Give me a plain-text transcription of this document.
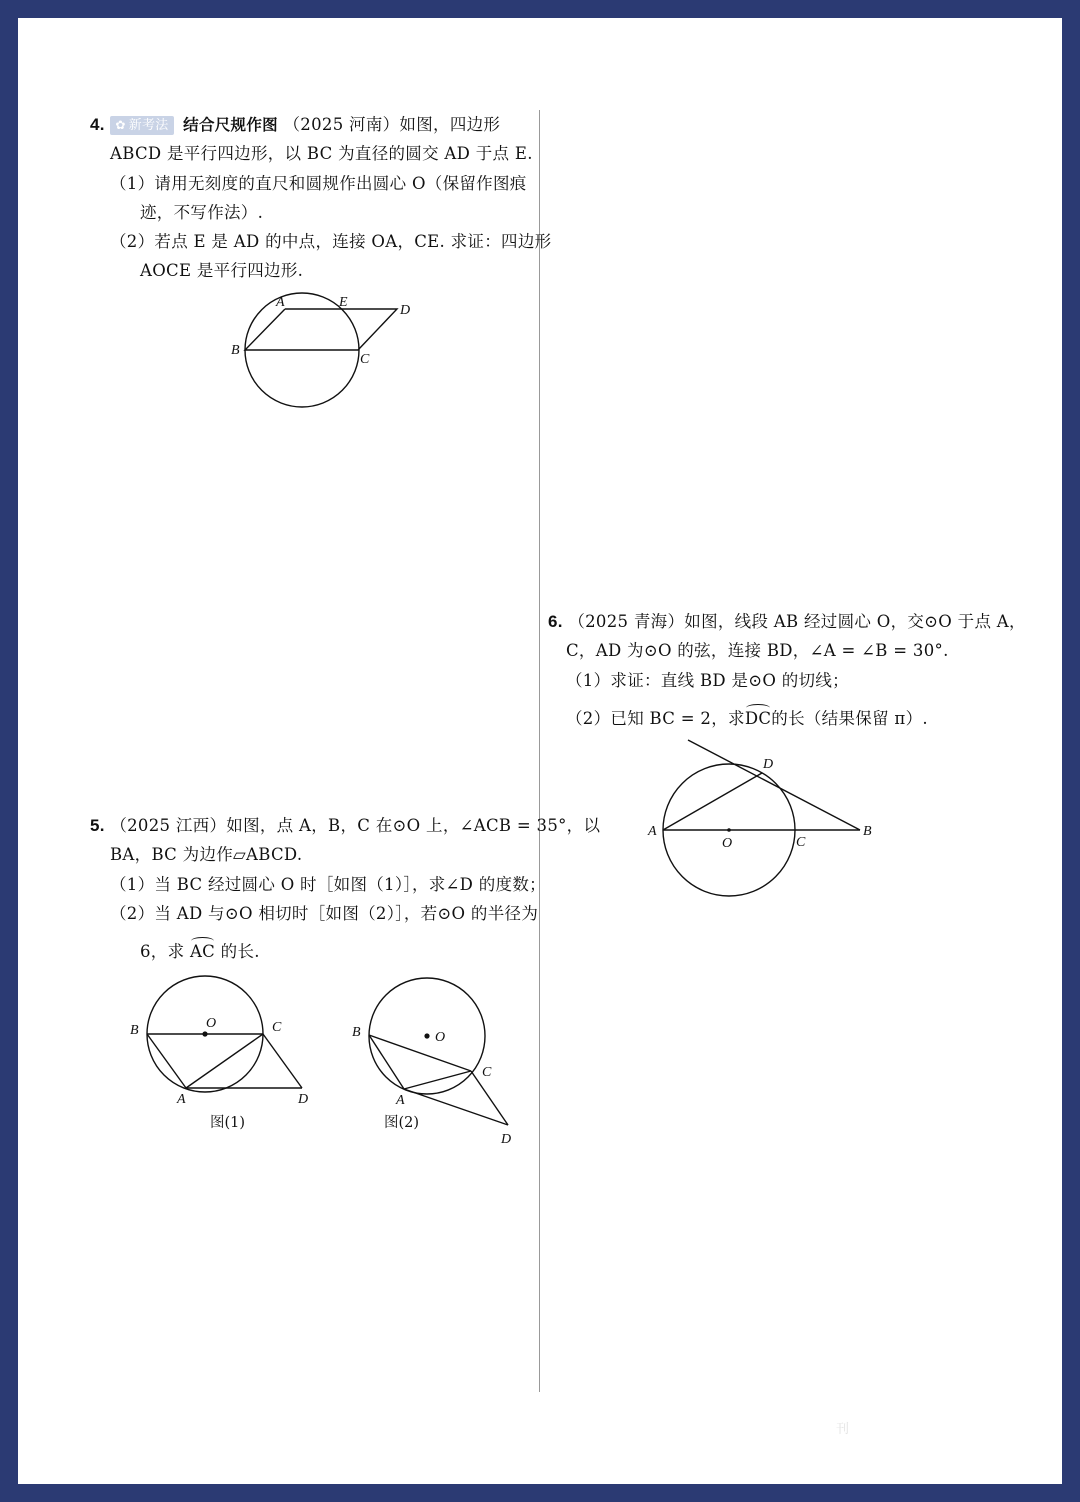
4. ✿ 新考法 结合尺规作图 （2025 河南）如图，四边形
ABCD 是平行四边形，以 BC 为直径的圆交 AD 于点 E.
（1）请用无刻度的直尺和圆规作出圆心 O（保留作图痕
迹，不写作法）.
（2）若点 E 是 AD 的中点，连接 OA，CE. 求证：四边形
AOCE 是平行四边形.
A	E
D
B
C
5. （2025 江西）如图，点 A，B，C 在⊙O 上，∠ACB = 35°，以
BA，BC 为边作▱ABCD.
（1）当 BC 经过圆心 O 时［如图（1）］，求∠D 的度数；
（2）当 AD 与⊙O 相切时［如图（2）］，若⊙O 的半径为
6，求 AC 的长.
B	O	C
A	D
图(1)
B	O
C
A
D
图(2)
6. （2025 青海）如图，线段 AB 经过圆心 O，交⊙O 于点 A，
C，AD 为⊙O 的弦，连接 BD，∠A = ∠B = 30°.
（1）求证：直线 BD 是⊙O 的切线；
（2）已知 BC = 2，求DC的长（结果保留 π）.
D
A
O	C
B
刊
